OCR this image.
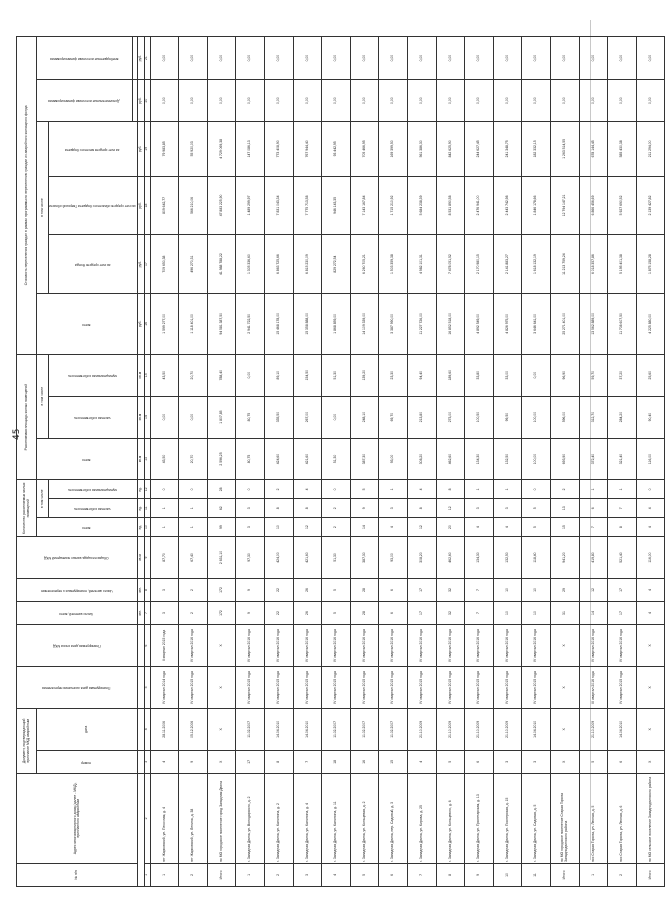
45
№ п/п	Адрес многоквартирного дома (далее - МКД), признанного аварийным	Документ, подтверждающий признание МКД аварийным		Планируемая дата окончания переселения	Планируемая дата сноса МКД	Число жителей, всего	Число жителей, планируемых к переселению	Общая площадь жилых помещений МКД	Количество расселяемых жилых помещений			Расселяемая площадь жилых помещений			Стоимость переселения граждан в рамках программы по переселению граждан из аварийного жилищного фонда					
		номер	дата						всего	в том числе		всего	в том числе		всего	в том числе			Дополнительные источники финансирования	внебюджетные источники финансирования
										частная собственность	муниципальная собственность		частная собственность	муниципальная собственность		за счет средств Фонда	за счет средств областного бюджета Тверской области	за счет средств местного бюджета		

						чел.	чел.	кв.м	ед.	ед.	ед.	кв.м	кв.м	кв.м	руб.	руб.	руб.	руб.	руб.	руб.
1	2	3	4	5	6	7	8	9	10	11	12	13	14	15	16	17	18	19	20	21
1	пгт Жарковский, ул. Песочная, д. 4	4	28.11.2006	IV квартал 2014 года	II квартал 2015 года	3	3	87,70	1	1	0	43,50	0,00	43,50	1 599 277,00	709 650,38	809 642,77	79 983,85	0,00	0,00
2	пгт Жарковский, ул. Ленина, д. 38	9	05.12.2006	IV квартал 2015 года	IV квартал 2016 года	2	2	67,40	1	1	0	20,70	0,00	20,70	1 118 401,00	496 270,31	566 210,06	55 920,03	0,00	0,00
Итого	по МО городское поселение город Западная Двина	X	X	X	X	172	172	2 631,10	99	62	28	2 596,25	1 807,85	788,40	94 581 387,50	41 988 788,22	47 883 225,90	4 729 069,38	0,00	0,00
1	г. Западная Двина, ул. Володарского, д. 2	17	11.02.2007	IV квартал 2015 года	IV квартал 2016 года	9	9	97,30	3	3	0	80,75	80,75	0,00	2 941 722,50	1 305 336,60	1 489 299,97	147 086,13	0,00	0,00
2	г. Западная Двина, ул. Калинина, д. 2	8	14.04.2010	IV квартал 2015 года	IV квартал 2016 года	22	22	424,00	10	8	2	424,60	335,50	89,10	15 468 178,00	6 863 725,66	7 831 043,34	773 408,90	0,00	0,00
3	г. Западная Двина, ул. Калинина, д. 4	7	14.04.2010	IV квартал 2015 года	IV квартал 2016 года	26	26	421,60	12	8	4	421,60	267,00	154,50	15 358 888,00	6 815 230,09	7 775 713,58	767 944,40	0,00	0,00
4	г. Западная Двина, ул. Калинина, д. 11	18	11.02.2007	IV квартал 2015 года	IV квартал 2016 года	5	5	51,30	2	2	0	51,30	0,00	51,30	1 868 859,00	829 272,54	946 143,35	93 442,95	0,00	0,00
5	г. Западная Двина, ул. Кольцевая, д. 2	16	11.02.2007	IV квартал 2015 года	IV квартал 2016 года	28	28	387,30	14	9	5	387,30	248,10	139,20	14 109 339,00	6 260 705,21	7 143 167,84	705 466,95	0,00	0,00
6	г. Западная Двина, пер. Садовый, д. 3	15	11.02.2007	IV квартал 2015 года	IV квартал 2016 года	6	6	93,00	4	3	1	93,00	69,70	23,30	3 387 990,00	1 503 359,38	1 715 210,92	169 399,50	0,00	0,00
7	г. Западная Двина, ул. Кирова, д. 25	4	21.10.2009	IV квартал 2015 года	IV квартал 2016 года	17	17	308,20	12	8	4	308,20	213,80	94,40	11 227 726,00	4 982 101,31	5 684 238,39	561 386,30	0,00	0,00
8	г. Западная Двина, ул. Кольцевого, д. 6	5	21.10.2009	IV квартал 2015 года	IV квартал 2016 года	32	32	462,60	20	12	8	462,60	273,00	189,60	16 852 518,00	7 478 051,52	8 531 890,58	842 625,90	0,00	0,00
9	г. Западная Двина, ул. Пролетарская, д. 13	6	21.10.2009	IV квартал 2015 года	IV квартал 2016 года	7	7	134,30	4	3	1	134,30	100,50	33,80	4 892 549,00	2 170 980,15	2 476 941,00	244 627,45	0,00	0,00
10	г. Западная Двина, ул. Пионерская, д. 15	3	21.10.2009	IV квартал 2015 года	IV квартал 2016 года	10	10	132,50	4	3	1	132,50	99,50	33,00	4 826 975,00	2 141 883,27	2 443 742,98	241 348,75	0,00	0,00
11	г. Западная Двина, ул. Садовая, д. 5	3	14.04.2010	IV квартал 2015 года	IV квартал 2016 года	10	10	118,40	5	5	0	100,00	100,00	0,00	3 646 641,00	1 618 132,19	1 846 178,66	182 332,15	0,00	0,00
Итого	по МО городское поселение Старая Торопа Западнодвинского района	X	X	X	X	31	29	941,20	15	13	2	693,90	596,00	96,90	25 271 401,00	11 213 759,24	12 794 147,21	1 263 514,55	0,00	0,00
1	пос Старая Торопа, ул. Лесная, д. 5	5	21.10.2009	III квартал 2016 года	IV квартал 2016 года	14	12	419,80	7	6	1	372,40	312,70	59,70	13 562 889,00	6 018 357,86	6 866 456,69	678 144,45	0,00	0,00
2	пос Старая Торопа, ул. Лесная, д. 6	6	14.04.2010	IV квартал 2015 года	IV квартал 2016 года	17	17	521,40	8	7	1	321,40	284,20	37,20	11 708 607,50	5 195 401,38	5 927 690,52	585 430,38	0,00	0,00
Итого	по МО сельское поселение Западнодвинского района	X	X	X	X	4	4	116,00	4	4	0	116,00	90,40	25,60	4 225 880,00	1 875 158,28	2 139 427,82	211 294,00	0,00	0,00
